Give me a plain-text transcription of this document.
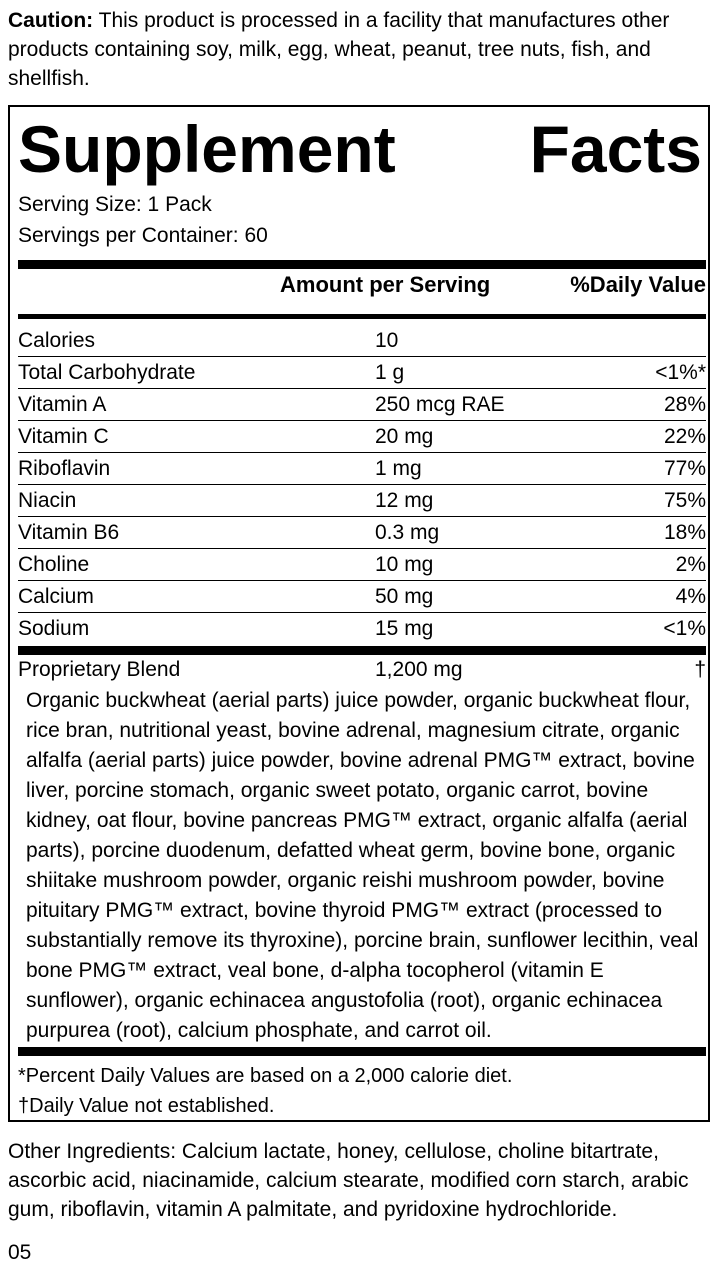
Caution: This product is processed in a facility that manufactures other products containing soy, milk, egg, wheat, peanut, tree nuts, fish, and shellfish.
Supplement Facts
Serving Size: 1 Pack
Servings per Container: 60
Amount per Serving	%Daily Value
Calories	10
Total Carbohydrate	1 g	<1%*
Vitamin A	250 mcg RAE	28%
Vitamin C	20 mg	22%
Riboflavin	1 mg	77%
Niacin	12 mg	75%
Vitamin B6	0.3 mg	18%
Choline	10 mg	2%
Calcium	50 mg	4%
Sodium	15 mg	<1%
Proprietary Blend	1,200 mg	†
Organic buckwheat (aerial parts) juice powder, organic buckwheat flour, rice bran, nutritional yeast, bovine adrenal, magnesium citrate, organic alfalfa (aerial parts) juice powder, bovine adrenal PMG™ extract, bovine liver, porcine stomach, organic sweet potato, organic carrot, bovine kidney, oat flour, bovine pancreas PMG™ extract, organic alfalfa (aerial parts), porcine duodenum, defatted wheat germ, bovine bone, organic shiitake mushroom powder, organic reishi mushroom powder, bovine pituitary PMG™ extract, bovine thyroid PMG™ extract (processed to substantially remove its thyroxine), porcine brain, sunflower lecithin, veal bone PMG™ extract, veal bone, d-alpha tocopherol (vitamin E sunflower), organic echinacea angustofolia (root), organic echinacea purpurea (root), calcium phosphate, and carrot oil.
*Percent Daily Values are based on a 2,000 calorie diet.
†Daily Value not established.
Other Ingredients: Calcium lactate, honey, cellulose, choline bitartrate, ascorbic acid, niacinamide, calcium stearate, modified corn starch, arabic gum, riboflavin, vitamin A palmitate, and pyridoxine hydrochloride.
05
